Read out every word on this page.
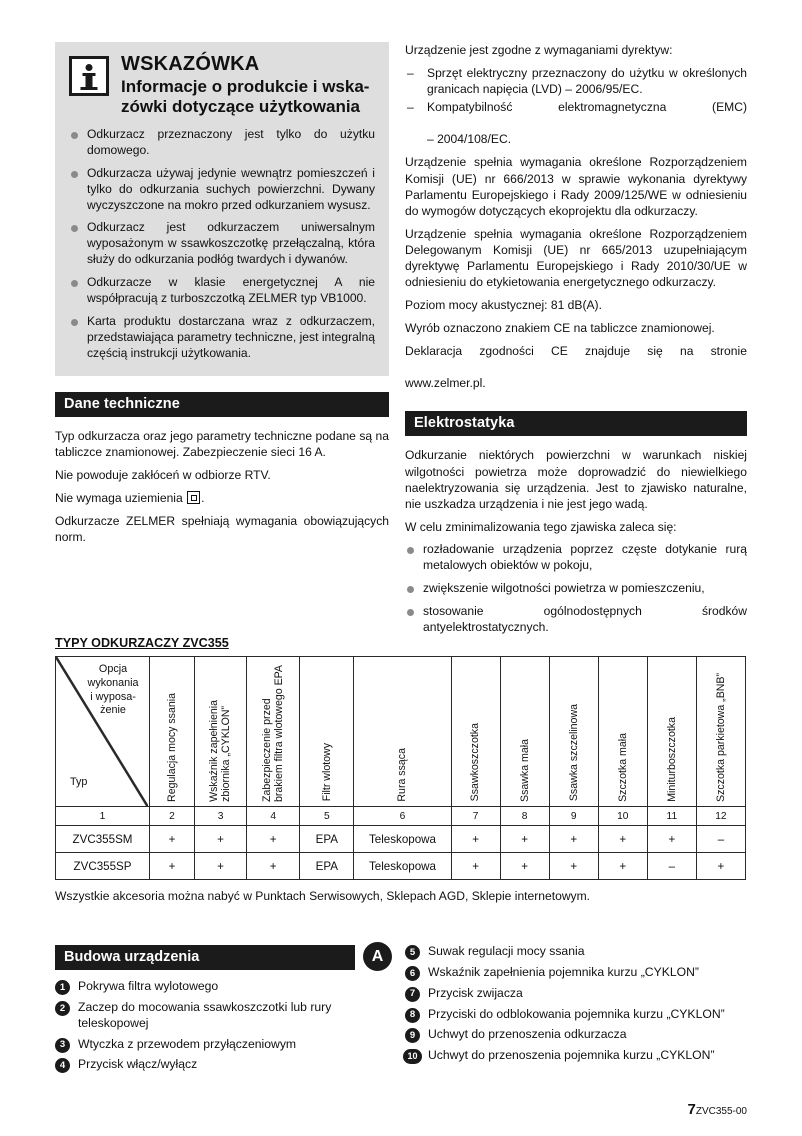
WSKAZÓWKA
Informacje o produkcie i wska-
zówki dotyczące użytkowania
Odkurzacz przeznaczony jest tylko do użytku domowego.
Odkurzacza używaj jedynie wewnątrz pomieszczeń i tylko do odkurzania suchych powierzchni. Dywany wyczyszczone na mokro przed odkurzaniem wysusz.
Odkurzacz jest odkurzaczem uniwersalnym wyposażonym w ssawkoszczotkę przełączalną, która służy do odkurzania podłóg twardych i dywanów.
Odkurzacze w klasie energetycznej A nie współpracują z turboszczotką ZELMER typ VB1000.
Karta produktu dostarczana wraz z odkurzaczem, przedstawiająca parametry techniczne, jest integralną częścią instrukcji użytkowania.
Dane techniczne

Typ odkurzacza oraz jego parametry techniczne podane są na tabliczce znamionowej. Zabezpieczenie sieci 16 A.

Nie powoduje zakłóceń w odbiorze RTV.

Nie wymaga uziemienia .

Odkurzacze ZELMER spełniają wymagania obowiązujących norm.

Urządzenie jest zgodne z wymaganiami dyrektyw:

– Sprzęt elektryczny przeznaczony do użytku w określonych granicach napięcia (LVD) – 2006/95/EC.
– Kompatybilność	elektromagnetyczna	(EMC)
– 2004/108/EC.

Urządzenie spełnia wymagania określone Rozporządzeniem Komisji (UE) nr 666/2013 w sprawie wykonania dyrektywy Parlamentu Europejskiego i Rady 2009/125/WE w odniesieniu do wymogów dotyczących ekoprojektu dla odkurzaczy.

Urządzenie spełnia wymagania określone Rozporządzeniem Delegowanym Komisji (UE) nr 665/2013 uzupełniającym dyrektywę Parlamentu Europejskiego i Rady 2010/30/UE w odniesieniu do etykietowania energetycznego odkurzaczy.

Poziom mocy akustycznej: 81 dB(A).

Wyrób oznaczono znakiem CE na tabliczce znamionowej.

Deklaracja zgodności CE znajduje się na stronie
www.zelmer.pl.

Elektrostatyka

Odkurzanie niektórych powierzchni w warunkach niskiej wilgotności powietrza może doprowadzić do niewielkiego naelektryzowania się urządzenia. Jest to zjawisko naturalne, nie uszkadza urządzenia i nie jest jego wadą.

W celu zminimalizowania tego zjawiska zaleca się:

rozładowanie urządzenia poprzez częste dotykanie rurą metalowych obiektów w pokoju,
zwiększenie wilgotności powietrza w pomieszczeniu,
stosowanie ogólnodostępnych środków antyelektrostatycznych.
TYPY ODKURZACZY ZVC355
Opcja
wykonania
i wyposa-
żenie
Typ	Regulacja mocy ssania	Wskaźnik zapełnienia
zbiornika „CYKLON”	Zabezpieczenie przed
brakiem filtra wlotowego EPA	Filtr wlotowy	Rura ssąca	Ssawkoszczotka	Ssawka mała	Ssawka szczelinowa	Szczotka mała	Miniturboszczotka	Szczotka parkietowa „BNB”

1	2	3	4	5	6	7	8	9	10	11	12
ZVC355SM	+	+	+	EPA	Teleskopowa	+	+	+	+	+	–
ZVC355SP	+	+	+	EPA	Teleskopowa	+	+	+	+	–	+
Wszystkie akcesoria można nabyć w Punktach Serwisowych, Sklepach AGD, Sklepie internetowym.
Budowa urządzenia	A
1	Pokrywa filtra wylotowego
2	Zaczep do mocowania ssawkoszczotki lub rury teleskopowej
3	Wtyczka z przewodem przyłączeniowym
4	Przycisk włącz/wyłącz
5	Suwak regulacji mocy ssania
6	Wskaźnik zapełnienia pojemnika kurzu „CYKLON”
7	Przycisk zwijacza
8	Przyciski do odblokowania pojemnika kurzu „CYKLON”
9	Uchwyt do przenoszenia odkurzacza
10 Uchwyt do przenoszenia pojemnika kurzu „CYKLON”
7ZVC355-00
